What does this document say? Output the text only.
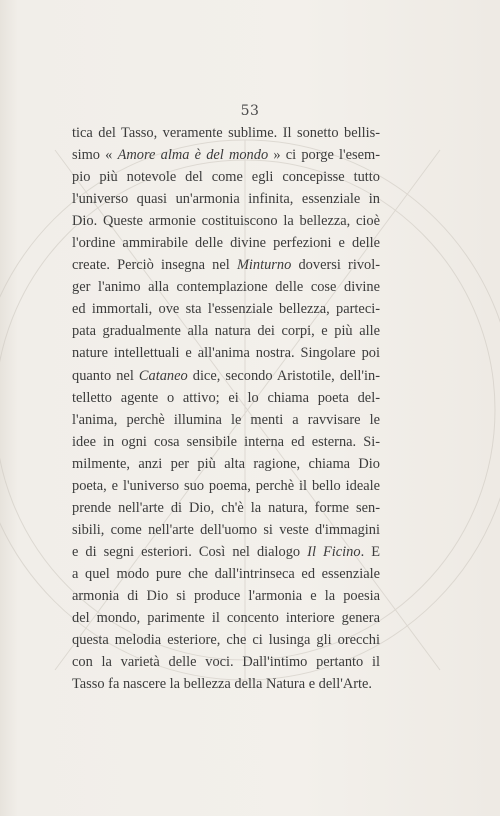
53
tica del Tasso, veramente sublime. Il sonetto bellis-
simo « Amore alma è del mondo » ci porge l'esem-
pio più notevole del come egli concepisse tutto
l'universo quasi un'armonia infinita, essenziale in
Dio. Queste armonie costituiscono la bellezza, cioè
l'ordine ammirabile delle divine perfezioni e delle
create. Perciò insegna nel Minturno doversi rivol-
ger l'animo alla contemplazione delle cose divine
ed immortali, ove sta l'essenziale bellezza, parteci-
pata gradualmente alla natura dei corpi, e più alle
nature intellettuali e all'anima nostra. Singolare poi
quanto nel Cataneo dice, secondo Aristotile, dell'in-
telletto agente o attivo; ei lo chiama poeta del-
l'anima, perchè illumina le menti a ravvisare le
idee in ogni cosa sensibile interna ed esterna. Si-
milmente, anzi per più alta ragione, chiama Dio
poeta, e l'universo suo poema, perchè il bello ideale
prende nell'arte di Dio, ch'è la natura, forme sen-
sibili, come nell'arte dell'uomo si veste d'immagini
e di segni esteriori. Così nel dialogo Il Ficino. E
a quel modo pure che dall'intrinseca ed essenziale
armonia di Dio si produce l'armonia e la poesia
del mondo, parimente il concento interiore genera
questa melodia esteriore, che ci lusinga gli orecchi
con la varietà delle voci. Dall'intimo pertanto il
Tasso fa nascere la bellezza della Natura e dell'Arte.
